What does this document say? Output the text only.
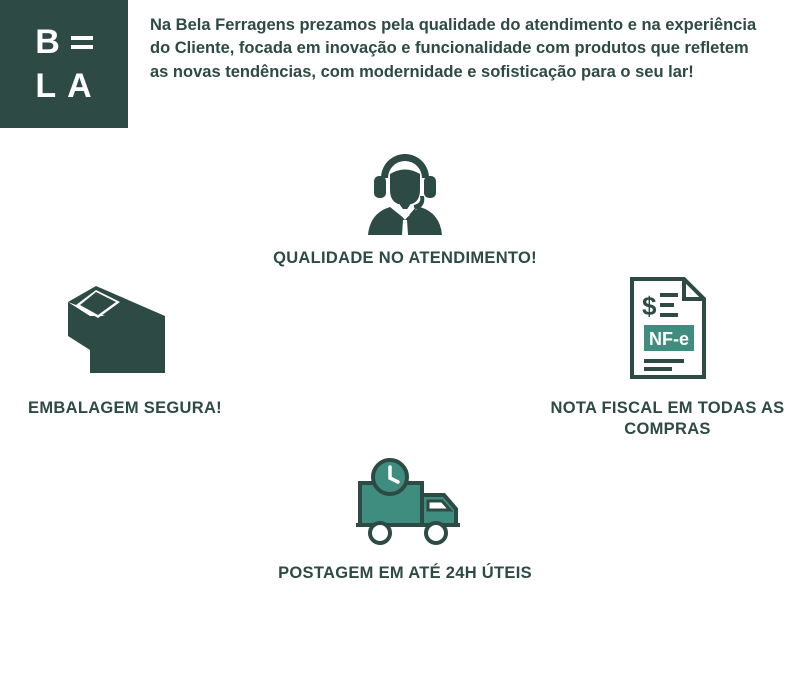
B
L A
Na Bela Ferragens prezamos pela qualidade do atendimento e na experiência do Cliente, focada em inovação e funcionalidade com produtos que refletem as novas tendências, com modernidade e sofisticação para o seu lar!
QUALIDADE NO ATENDIMENTO!
EMBALAGEM SEGURA!
$
NF-e
NOTA FISCAL EM TODAS AS COMPRAS
POSTAGEM EM ATÉ 24H ÚTEIS
